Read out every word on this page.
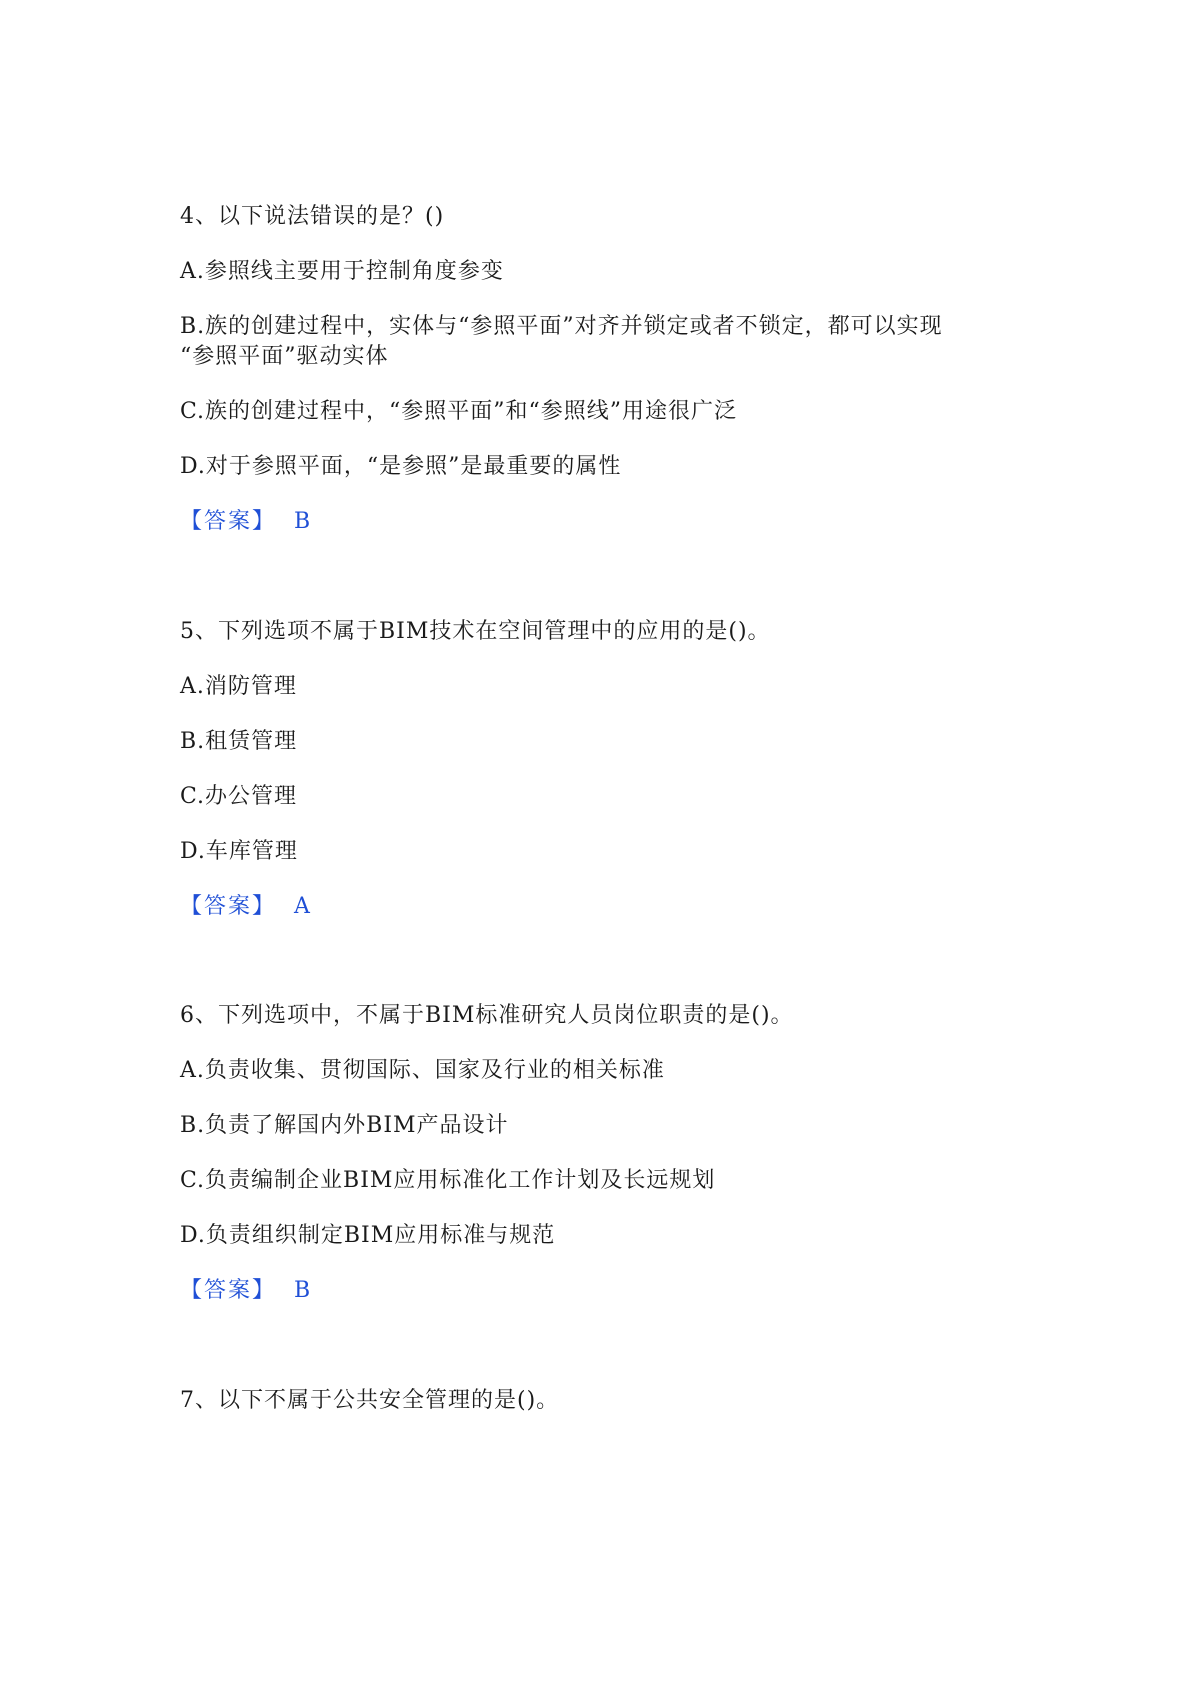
4、以下说法错误的是？()
A.参照线主要用于控制角度参变
B.族的创建过程中，实体与“参照平面”对齐并锁定或者不锁定，都可以实现
“参照平面”驱动实体
C.族的创建过程中，“参照平面”和“参照线”用途很广泛
D.对于参照平面，“是参照”是最重要的属性
【答案】 B
5、下列选项不属于BIM技术在空间管理中的应用的是()。
A.消防管理
B.租赁管理
C.办公管理
D.车库管理
【答案】 A
6、下列选项中，不属于BIM标准研究人员岗位职责的是()。
A.负责收集、贯彻国际、国家及行业的相关标准
B.负责了解国内外BIM产品设计
C.负责编制企业BIM应用标准化工作计划及长远规划
D.负责组织制定BIM应用标准与规范
【答案】 B
7、以下不属于公共安全管理的是()。
